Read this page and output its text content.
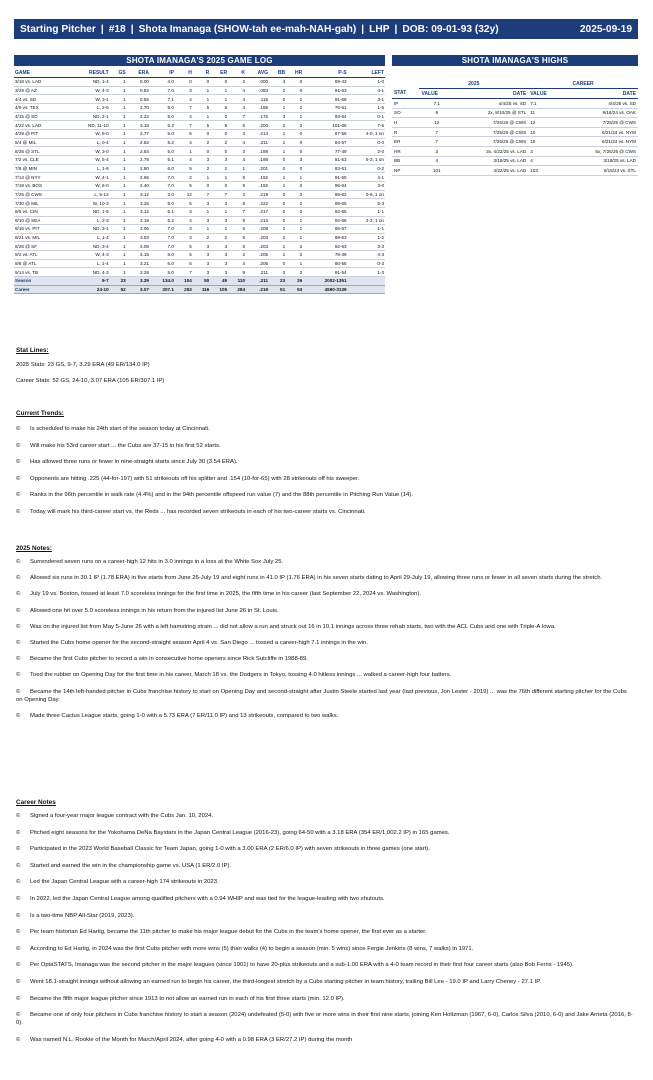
Starting Pitcher | #18 | Shota Imanaga (SHOW-tah ee-mah-NAH-gah) | LHP | DOB: 09-01-93 (32y)	2025-09-19
SHOTA IMANAGA'S 2025 GAME LOG	SHOTA IMANAGA'S HIGHS
GAME	RESULT	GS	ERA	IP	H	R	ER	K	AVG	BB	HR	P-S	LEFT
3/18 vs. LAD	ND, 1-4	1	0.00	4.0	0	0	0	2	.000	4	0	69-43	1-0
3/29 @ AZ	W, 4-3	1	0.82	7.0	3	1	1	4	.083	2	0	91-63	4-1
4/4 vs. SD	W, 3-1	1	0.56	7.1	4	1	1	4	.115	0	1	91-68	3-1
4/9 vs. TEX	L, 2-6	1	2.70	5.0	7	5	5	4	.169	1	2	76-51	1-5
4/15 @ SD	ND, 2-1	1	2.22	5.0	4	1	0	7	.176	3	1	93-64	0-1
4/22 vs. LAD	ND, 11-10	1	3.18	5.2	7	5	5	6	.200	2	3	101-66	7-5
4/29 @ PIT	W, 9-0	1	2.77	5.0	6	0	0	3	.214	1	0	87-56	4-0, 1 on
5/4 @ MIL	L, 0-4	1	2.82	5.2	4	2	2	4	.211	1	0	84-57	0-0
6/26 @ STL	W, 3-0	1	2.54	5.0	1	0	0	3	.198	1	0	77-49	2-0
7/2 vs. CLE	W, 5-4	1	2.78	5.1	4	3	3	4	.198	0	3	81-53	5-3, 1 on
7/8 @ MIN	L, 1-8	1	2.80	6.0	5	2	2	1	.201	0	0	83-61	0-2
7/13 @ NYY	W, 4-1	1	2.65	7.0	2	1	1	6	.192	1	1	91-55	4-1
7/19 vs. BOS	W, 6-0	1	2.40	7.0	5	0	0	5	.192	1	0	96-64	3-0
7/25 @ CWS	L, 5-12	1	3.12	3.0	12	7	7	2	.219	0	3	85-62	0-6, 1 on
7/30 @ MIL	W, 10-3	1	3.25	5.0	5	3	3	8	.222	0	2	89-65	5-3
8/5 vs. CIN	ND, 1-5	1	3.12	6.1	3	1	1	7	.217	0	0	92-65	1-1
8/10 @ SEA	L, 2-3	1	3.19	6.2	4	3	3	9	.213	0	1	92-66	2-3, 1 on
8/16 vs. PIT	ND, 3-1	1	3.06	7.0	3	1	1	6	.208	2	1	85-57	1-1
8/21 vs. MIL	L, 1-4	1	3.03	7.0	3	2	2	5	.203	2	1	98-63	1-2
8/26 @ SF	ND, 3-4	1	3.08	7.0	5	3	3	5	.203	1	2	92-63	3-3
9/2 vs. ATL	W, 4-3	1	3.15	6.0	5	3	3	2	.205	1	2	78-49	4-3
9/8 @ ATL	L, 1-4	1	3.21	6.0	5	3	3	4	.206	0	1	80-55	0-3
9/14 vs. TB	ND, 4-3	1	3.29	5.0	7	3	3	9	.211	0	2	91-54	1-3
Season	9-7	23	3.29	134.0	104	50	49	110	.211	23	26	2002-1351	
Career	24-10	52	3.07	307.1	253	116	105	284	.219	51	53	4590-3139	
	2025		CAREER	
STAT	VALUE	DATE	VALUE	DATE
IP	7.1	4/4/25 vs. SD	7.1	4/4/25 vs. SD
SO	9	2x, 8/10/25 @ STL	11	9/16/24 vs. OAK
H	12	7/25/25 @ CWS	12	7/25/25 @ CWS
R	7	7/25/25 @ CWS	10	6/21/24 vs. NYM
ER	7	7/25/25 @ CWS	10	6/21/24 vs. NYM
HR	3	3x, 4/22/25 vs. LAD	3	5x, 7/25/25 @ CWS
BB	4	3/18/25 vs. LAD	4	3/18/25 vs. LAD
NP	101	4/22/25 vs. LAD	103	6/15/24 vs. STL
Stat Lines:
2025 Stats: 23 GS, 9-7, 3.29 ERA (49 ER/134.0 IP)
Career Stats: 52 GS, 24-10, 3.07 ERA (105 ER/307.1 IP)
Current Trends:
© Is scheduled to make his 24th start of the season today at Cincinnati.
© Will make his 53rd career start ... the Cubs are 37-15 in his first 52 starts.
© Has allowed three runs or fewer in nine-straight starts since July 30 (3.54 ERA).
© Opponents are hitting .225 (44-for-197) with 51 strikeouts off his splitter and .154 (10-for-65) with 28 strikeouts off his sweeper.
© Ranks in the 96th percentile in walk rate (4.4%) and in the 94th percentile offspeed run value (7) and the 88th percentile in Pitching Run Value (14).
© Today will mark his third-career start vs. the Reds ... has recorded seven strikeouts in each of his two-career starts vs. Cincinnati.
2025 Notes:
© Surrendered seven runs on a career-high 12 hits in 3.0 innings in a loss at the White Sox July 25.
© Allowed six runs in 30.1 IP (1.78 ERA) in five starts from June 26-July 19 and eight runs in 41.0 IP (1.76 ERA) in his seven starts dating to April 29-July 19, allowing three runs or fewer in all seven starts during the stretch.
© July 19 vs. Boston, tossed at least 7.0 scoreless innings for the first time in 2025, the fifth time in his career (last September 22, 2024 vs. Washington).
© Allowed one hit over 5.0 scoreless innings in his return from the injured list June 26 in St. Louis.
© Was on the injured list from May 5-June 26 with a left hamstring strain ... did not allow a run and struck out 16 in 10.1 innings across three rehab starts, two with the ACL Cubs and one with Triple-A Iowa.
© Started the Cubs home opener for the second-straight season April 4 vs. San Diego ... tossed a career-high 7.1 innings in the win.
© Became the first Cubs pitcher to record a win in consecutive home openers since Rick Sutcliffe in 1988-89.
© Toed the rubber on Opening Day for the first time in his career, March 18 vs. the Dodgers in Tokyo, tossing 4.0 hitless innings ... walked a career-high four batters.
© Became the 14th left-handed pitcher in Cubs franchise history to start on Opening Day and second-straight after Justin Steele started last year (last previous, Jon Lester - 2019) ... was the 76th different starting pitcher for the Cubs on Opening Day.
© Made three Cactus League starts, going 1-0 with a 5.73 ERA (7 ER/11.0 IP) and 13 strikeouts, compared to two walks.
Career Notes
© Signed a four-year major league contract with the Cubs Jan. 10, 2024.
© Pitched eight seasons for the Yokohama DeNa Baystars in the Japan Central League (2016-23), going 64-50 with a 3.18 ERA (354 ER/1,002.2 IP) in 165 games.
© Participated in the 2023 World Baseball Classic for Team Japan, going 1-0 with a 3.00 ERA (2 ER/6.0 IP) with seven strikeouts in three games (one start).
© Started and earned the win in the championship game vs. USA (1 ER/2.0 IP).
© Led the Japan Central League with a career-high 174 strikeouts in 2023.
© In 2022, led the Japan Central League among qualified pitchers with a 0.94 WHIP and was tied for the league-leading with two shutouts.
© Is a two-time NBP All-Star (2019, 2023).
© Per team historian Ed Hartig, became the 11th pitcher to make his major league debut for the Cubs in the team's home opener, the first ever as a starter.
© According to Ed Hartig, in 2024 was the first Cubs pitcher with more wins (5) than walks (4) to begin a season (min. 5 wins) since Fergie Jenkins (8 wins, 7 walks) in 1971.
© Per OptaSTATS, Imanaga was the second pitcher in the major leagues (since 1901) to have 20-plus strikeouts and a sub-1.00 ERA with a 4-0 team record in their first four career starts (also Bob Ferris - 1945).
© Went 18.1-straight innings without allowing an earned run to begin his career, the third-longest stretch by a Cubs starting pitcher in team history, trailing Bill Lee - 19.0 IP and Larry Cheney - 27.1 IP.
© Became the fifth major league pitcher since 1913 to not allow an earned run in each of his first three starts (min. 12.0 IP).
© Became one of only four pitchers in Cubs franchise history to start a season (2024) undefeated (5-0) with five or more wins in their first nine starts, joining Ken Holtzman (1967, 6-0), Carlos Silva (2010, 6-0) and Jake Arrieta (2016, 8-0).
© Was named N.L. Rookie of the Month for March/April 2024, after going 4-0 with a 0.98 ERA (3 ER/27.2 IP) during the month
